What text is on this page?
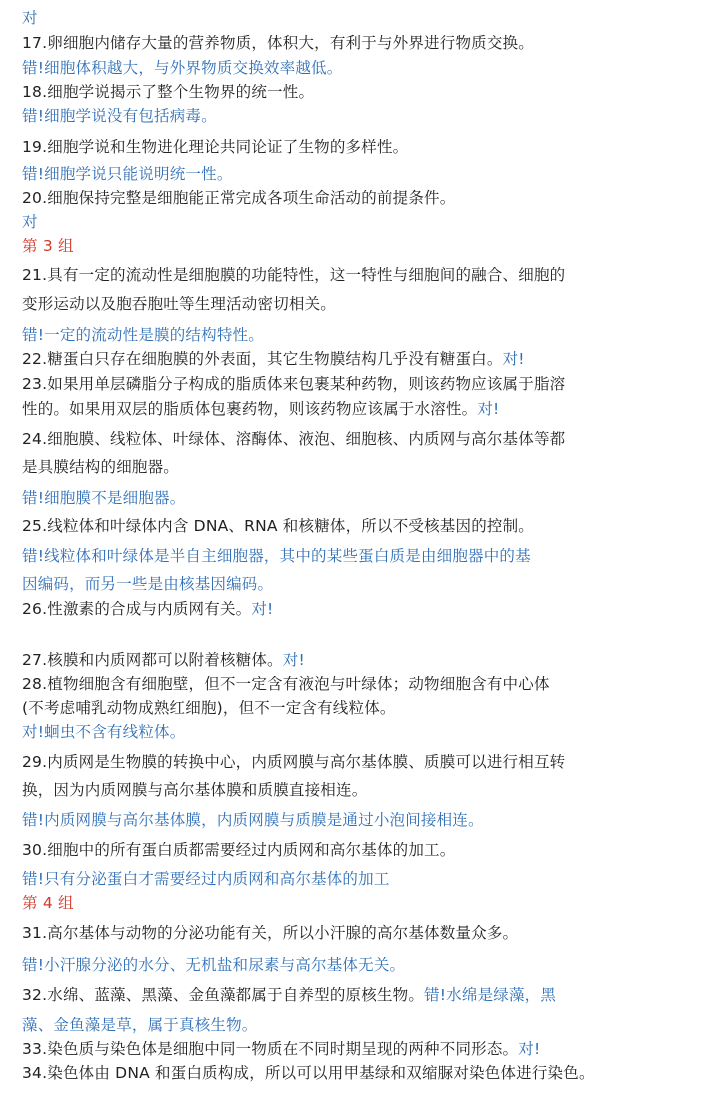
对
17.卵细胞内储存大量的营养物质，体积大，有利于与外界进行物质交换。
错!细胞体积越大，与外界物质交换效率越低。
18.细胞学说揭示了整个生物界的统一性。
错!细胞学说没有包括病毒。
19.细胞学说和生物进化理论共同论证了生物的多样性。
错!细胞学说只能说明统一性。
20.细胞保持完整是细胞能正常完成各项生命活动的前提条件。
对
第 3 组
21.具有一定的流动性是细胞膜的功能特性，这一特性与细胞间的融合、细胞的
变形运动以及胞吞胞吐等生理活动密切相关。
错!一定的流动性是膜的结构特性。
22.糖蛋白只存在细胞膜的外表面，其它生物膜结构几乎没有糖蛋白。对!
23.如果用单层磷脂分子构成的脂质体来包裹某种药物，则该药物应该属于脂溶
性的。如果用双层的脂质体包裹药物，则该药物应该属于水溶性。对!
24.细胞膜、线粒体、叶绿体、溶酶体、液泡、细胞核、内质网与高尔基体等都
是具膜结构的细胞器。
错!细胞膜不是细胞器。
25.线粒体和叶绿体内含 DNA、RNA 和核糖体，所以不受核基因的控制。
错!线粒体和叶绿体是半自主细胞器，其中的某些蛋白质是由细胞器中的基
因编码，而另一些是由核基因编码。
26.性激素的合成与内质网有关。对!
27.核膜和内质网都可以附着核糖体。对!
28.植物细胞含有细胞壁，但不一定含有液泡与叶绿体；动物细胞含有中心体
(不考虑哺乳动物成熟红细胞)，但不一定含有线粒体。
对!蛔虫不含有线粒体。
29.内质网是生物膜的转换中心，内质网膜与高尔基体膜、质膜可以进行相互转
换，因为内质网膜与高尔基体膜和质膜直接相连。
错!内质网膜与高尔基体膜，内质网膜与质膜是通过小泡间接相连。
30.细胞中的所有蛋白质都需要经过内质网和高尔基体的加工。
错!只有分泌蛋白才需要经过内质网和高尔基体的加工
第 4 组
31.高尔基体与动物的分泌功能有关，所以小汗腺的高尔基体数量众多。
错!小汗腺分泌的水分、无机盐和尿素与高尔基体无关。
32.水绵、蓝藻、黑藻、金鱼藻都属于自养型的原核生物。错!水绵是绿藻，黑
藻、金鱼藻是草，属于真核生物。
33.染色质与染色体是细胞中同一物质在不同时期呈现的两种不同形态。对!
34.染色体由 DNA 和蛋白质构成，所以可以用甲基绿和双缩脲对染色体进行染色。
